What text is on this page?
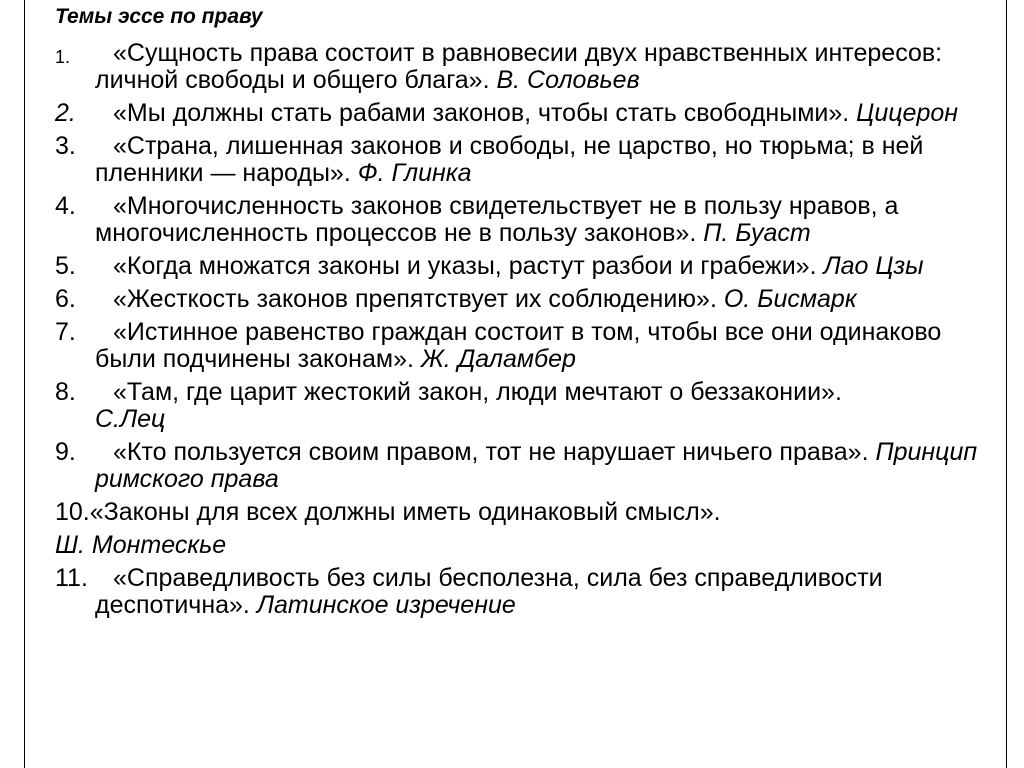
Темы эссе по праву
1.	«Сущность права состоит в равновесии двух нравственных интересов: личной свободы и общего блага». В. Соловьев
2.	«Мы должны стать рабами законов, чтобы стать свободными». Цицерон
3.	«Страна, лишенная законов и свободы, не царство, но тюрьма; в ней пленники — народы». Ф. Глинка
4.	«Многочисленность законов свидетельствует не в пользу нравов, а многочисленность процессов не в пользу законов». П. Буаст
5.	«Когда множатся законы и указы, растут разбои и грабежи». Лао Цзы
6.	«Жесткость законов препятствует их соблюдению». О. Бисмарк
7.	«Истинное равенство граждан состоит в том, чтобы все они одинаково были подчинены законам». Ж. Даламбер
8.	«Там, где царит жестокий закон, люди мечтают о беззаконии».
С.Лец
9.	«Кто пользуется своим правом, тот не нарушает ничьего права». Принцип римского права
10.«Законы для всех должны иметь одинаковый смысл».
Ш. Монтескье
11.	«Справедливость без силы бесполезна, сила без справедливости деспотична». Латинское изречение
